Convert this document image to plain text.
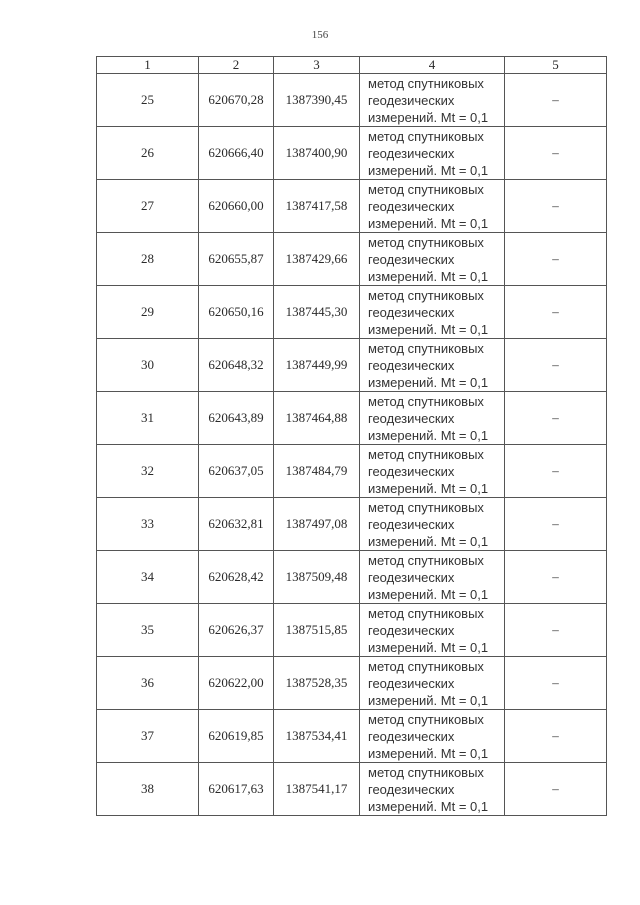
156
1	2	3	4	5
25	620670,28	1387390,45	метод спутниковых
геодезических
измерений. Mt = 0,1	–
26	620666,40	1387400,90	метод спутниковых
геодезических
измерений. Mt = 0,1	–
27	620660,00	1387417,58	метод спутниковых
геодезических
измерений. Mt = 0,1	–
28	620655,87	1387429,66	метод спутниковых
геодезических
измерений. Mt = 0,1	–
29	620650,16	1387445,30	метод спутниковых
геодезических
измерений. Mt = 0,1	–
30	620648,32	1387449,99	метод спутниковых
геодезических
измерений. Mt = 0,1	–
31	620643,89	1387464,88	метод спутниковых
геодезических
измерений. Mt = 0,1	–
32	620637,05	1387484,79	метод спутниковых
геодезических
измерений. Mt = 0,1	–
33	620632,81	1387497,08	метод спутниковых
геодезических
измерений. Mt = 0,1	–
34	620628,42	1387509,48	метод спутниковых
геодезических
измерений. Mt = 0,1	–
35	620626,37	1387515,85	метод спутниковых
геодезических
измерений. Mt = 0,1	–
36	620622,00	1387528,35	метод спутниковых
геодезических
измерений. Mt = 0,1	–
37	620619,85	1387534,41	метод спутниковых
геодезических
измерений. Mt = 0,1	–
38	620617,63	1387541,17	метод спутниковых
геодезических
измерений. Mt = 0,1	–
